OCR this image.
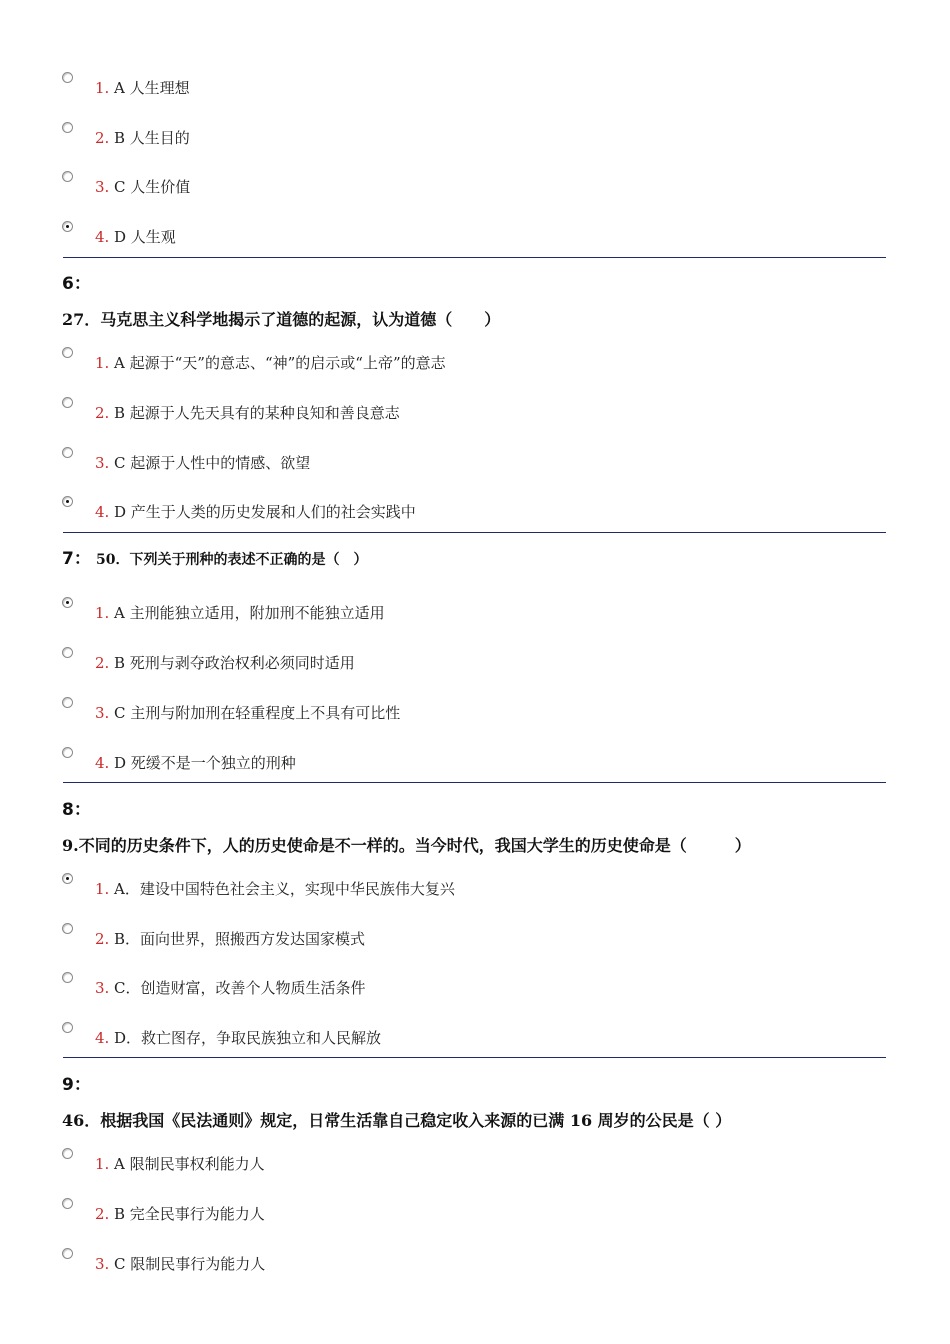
1. A 人生理想
2. B 人生目的
3. C 人生价值
4. D 人生观
6：
27．马克思主义科学地揭示了道德的起源，认为道德（　　）
1. A 起源于“天”的意志、“神”的启示或“上帝”的意志
2. B 起源于人先天具有的某种良知和善良意志
3. C 起源于人性中的情感、欲望
4. D 产生于人类的历史发展和人们的社会实践中
7： 50．下列关于刑种的表述不正确的是（　）
1. A 主刑能独立适用，附加刑不能独立适用
2. B 死刑与剥夺政治权利必须同时适用
3. C 主刑与附加刑在轻重程度上不具有可比性
4. D 死缓不是一个独立的刑种
8：
9.不同的历史条件下，人的历史使命是不一样的。当今时代，我国大学生的历史使命是（　　　）
1. A．建设中国特色社会主义，实现中华民族伟大复兴
2. B．面向世界，照搬西方发达国家模式
3. C．创造财富，改善个人物质生活条件
4. D．救亡图存，争取民族独立和人民解放
9：
46．根据我国《民法通则》规定，日常生活靠自己稳定收入来源的已满 16 周岁的公民是（ ）
1. A 限制民事权利能力人
2. B 完全民事行为能力人
3. C 限制民事行为能力人
